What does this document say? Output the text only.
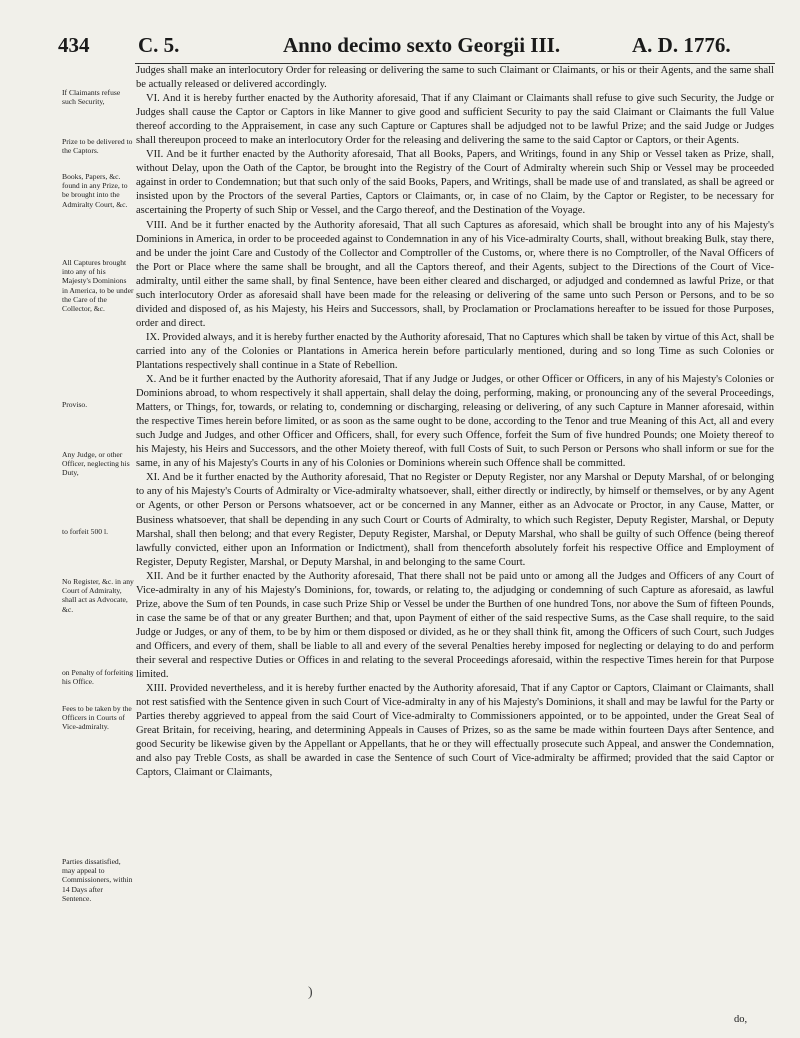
434 C. 5.	Anno decimo sexto Georgii III.	A. D. 1776.
If Claimants refuse such Security,
Prize to be delivered to the Captors.
Books, Papers, &c. found in any Prize, to be brought into the Admiralty Court, &c.
All Captures brought into any of his Majesty's Dominions in America, to be under the Care of the Collector, &c.
Proviso.
Any Judge, or other Officer, neglecting his Duty,
to forfeit 500 l.
No Register, &c. in any Court of Admiralty, shall act as Advocate, &c.
on Penalty of forfeiting his Office.
Fees to be taken by the Officers in Courts of Vice-admiralty.
Parties dissatisfied, may appeal to Commissioners, within 14 Days after Sentence.

Judges shall make an interlocutory Order for releasing or delivering the same to such Claimant or Claimants, or his or their Agents, and the same shall be actually released or delivered accordingly.

VI. And it is hereby further enacted by the Authority aforesaid, That if any Claimant or Claimants shall refuse to give such Security, the Judge or Judges shall cause the Captor or Captors in like Manner to give good and sufficient Security to pay the said Claimant or Claimants the full Value thereof according to the Appraisement, in case any such Capture or Captures shall be adjudged not to be lawful Prize; and the said Judge or Judges shall thereupon proceed to make an interlocutory Order for the releasing and delivering the same to the said Captor or Captors, or their Agents.

VII. And be it further enacted by the Authority aforesaid, That all Books, Papers, and Writings, found in any Ship or Vessel taken as Prize, shall, without Delay, upon the Oath of the Captor, be brought into the Registry of the Court of Admiralty wherein such Ship or Vessel may be proceeded against in order to Condemnation; but that such only of the said Books, Papers, and Writings, shall be made use of and translated, as shall be agreed or insisted upon by the Proctors of the several Parties, Captors or Claimants, or, in case of no Claim, by the Captor or Register, to be necessary for ascertaining the Property of such Ship or Vessel, and the Cargo thereof, and the Destination of the Voyage.

VIII. And be it further enacted by the Authority aforesaid, That all such Captures as aforesaid, which shall be brought into any of his Majesty's Dominions in America, in order to be proceeded against to Condemnation in any of his Vice-admiralty Courts, shall, without breaking Bulk, stay there, and be under the joint Care and Custody of the Collector and Comptroller of the Customs, or, where there is no Comptroller, of the Naval Officers of the Port or Place where the same shall be brought, and all the Captors thereof, and their Agents, subject to the Directions of the Court of Vice-admiralty, until either the same shall, by final Sentence, have been either cleared and discharged, or adjudged and condemned as lawful Prize, or that such interlocutory Order as aforesaid shall have been made for the releasing or delivering of the same unto such Person or Persons, and to be so divided and disposed of, as his Majesty, his Heirs and Successors, shall, by Proclamation or Proclamations hereafter to be issued for those Purposes, order and direct.

IX. Provided always, and it is hereby further enacted by the Authority aforesaid, That no Captures which shall be taken by virtue of this Act, shall be carried into any of the Colonies or Plantations in America herein before particularly mentioned, during and so long Time as such Colonies or Plantations respectively shall continue in a State of Rebellion.

X. And be it further enacted by the Authority aforesaid, That if any Judge or Judges, or other Officer or Officers, in any of his Majesty's Colonies or Dominions abroad, to whom respectively it shall appertain, shall delay the doing, performing, making, or pronouncing any of the several Proceedings, Matters, or Things, for, towards, or relating to, condemning or discharging, releasing or delivering, of any such Capture in Manner aforesaid, within the respective Times herein before limited, or as soon as the same ought to be done, according to the Tenor and true Meaning of this Act, all and every such Judge and Judges, and other Officer and Officers, shall, for every such Offence, forfeit the Sum of five hundred Pounds; one Moiety thereof to his Majesty, his Heirs and Successors, and the other Moiety thereof, with full Costs of Suit, to such Person or Persons who shall inform or sue for the same, in any of his Majesty's Courts in any of his Colonies or Dominions wherein such Offence shall be committed.

XI. And be it further enacted by the Authority aforesaid, That no Register or Deputy Register, nor any Marshal or Deputy Marshal, of or belonging to any of his Majesty's Courts of Admiralty or Vice-admiralty whatsoever, shall, either directly or indirectly, by himself or themselves, or by any Agent or Agents, or other Person or Persons whatsoever, act or be concerned in any Manner, either as an Advocate or Proctor, in any Cause, Matter, or Business whatsoever, that shall be depending in any such Court or Courts of Admiralty, to which such Register, Deputy Register, Marshal, or Deputy Marshal, shall then belong; and that every Register, Deputy Register, Marshal, or Deputy Marshal, who shall be guilty of such Offence (being thereof lawfully convicted, either upon an Information or Indictment), shall from thenceforth absolutely forfeit his respective Office and Employment of Register, Deputy Register, Marshal, or Deputy Marshal, in and belonging to the same Court.

XII. And be it further enacted by the Authority aforesaid, That there shall not be paid unto or among all the Judges and Officers of any Court of Vice-admiralty in any of his Majesty's Dominions, for, towards, or relating to, the adjudging or condemning of such Capture as aforesaid, as lawful Prize, above the Sum of ten Pounds, in case such Prize Ship or Vessel be under the Burthen of one hundred Tons, nor above the Sum of fifteen Pounds, in case the same be of that or any greater Burthen; and that, upon Payment of either of the said respective Sums, as the Case shall require, to the said Judge or Judges, or any of them, to be by him or them disposed or divided, as he or they shall think fit, among the Officers of such Court, such Judges and Officers, and every of them, shall be liable to all and every of the several Penalties hereby imposed for neglecting or delaying to do and perform their several and respective Duties or Offices in and relating to the several Proceedings aforesaid, within the respective Times herein for that Purpose limited.

XIII. Provided nevertheless, and it is hereby further enacted by the Authority aforesaid, That if any Captor or Captors, Claimant or Claimants, shall not rest satisfied with the Sentence given in such Court of Vice-admiralty in any of his Majesty's Dominions, it shall and may be lawful for the Party or Parties thereby aggrieved to appeal from the said Court of Vice-admiralty to Commissioners appointed, or to be appointed, under the Great Seal of Great Britain, for receiving, hearing, and determining Appeals in Causes of Prizes, so as the same be made within fourteen Days after Sentence, and good Security be likewise given by the Appellant or Appellants, that he or they will effectually prosecute such Appeal, and answer the Condemnation, and also pay Treble Costs, as shall be awarded in case the Sentence of such Court of Vice-admiralty be affirmed; provided that the said Captor or Captors, Claimant or Claimants,

do,
)
